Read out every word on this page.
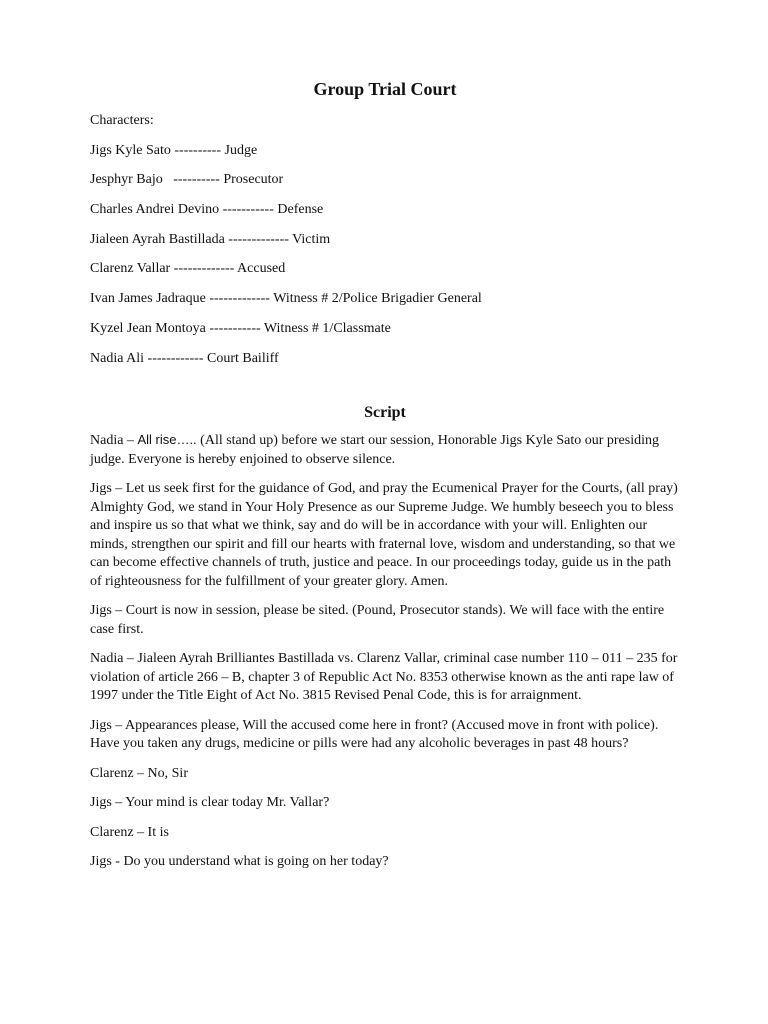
Group Trial Court

Characters:

Jigs Kyle Sato ---------- Judge

Jesphyr Bajo   ---------- Prosecutor

Charles Andrei Devino ----------- Defense

Jialeen Ayrah Bastillada ------------- Victim

Clarenz Vallar ------------- Accused

Ivan James Jadraque ------------- Witness # 2/Police Brigadier General

Kyzel Jean Montoya ----------- Witness # 1/Classmate

Nadia Ali ------------ Court Bailiff

Script

Nadia – All rise….. (All stand up) before we start our session, Honorable Jigs Kyle Sato our presiding judge. Everyone is hereby enjoined to observe silence.

Jigs – Let us seek first for the guidance of God, and pray the Ecumenical Prayer for the Courts, (all pray) Almighty God, we stand in Your Holy Presence as our Supreme Judge. We humbly beseech you to bless and inspire us so that what we think, say and do will be in accordance with your will. Enlighten our minds, strengthen our spirit and fill our hearts with fraternal love, wisdom and understanding, so that we can become effective channels of truth, justice and peace. In our proceedings today, guide us in the path of righteousness for the fulfillment of your greater glory. Amen.

Jigs – Court is now in session, please be sited. (Pound, Prosecutor stands). We will face with the entire case first.

Nadia – Jialeen Ayrah Brilliantes Bastillada vs. Clarenz Vallar, criminal case number 110 – 011 – 235 for violation of article 266 – B, chapter 3 of Republic Act No. 8353 otherwise known as the anti rape law of 1997 under the Title Eight of Act No. 3815 Revised Penal Code, this is for arraignment.

Jigs – Appearances please, Will the accused come here in front? (Accused move in front with police). Have you taken any drugs, medicine or pills were had any alcoholic beverages in past 48 hours?

Clarenz – No, Sir

Jigs – Your mind is clear today Mr. Vallar?

Clarenz – It is

Jigs - Do you understand what is going on her today?
